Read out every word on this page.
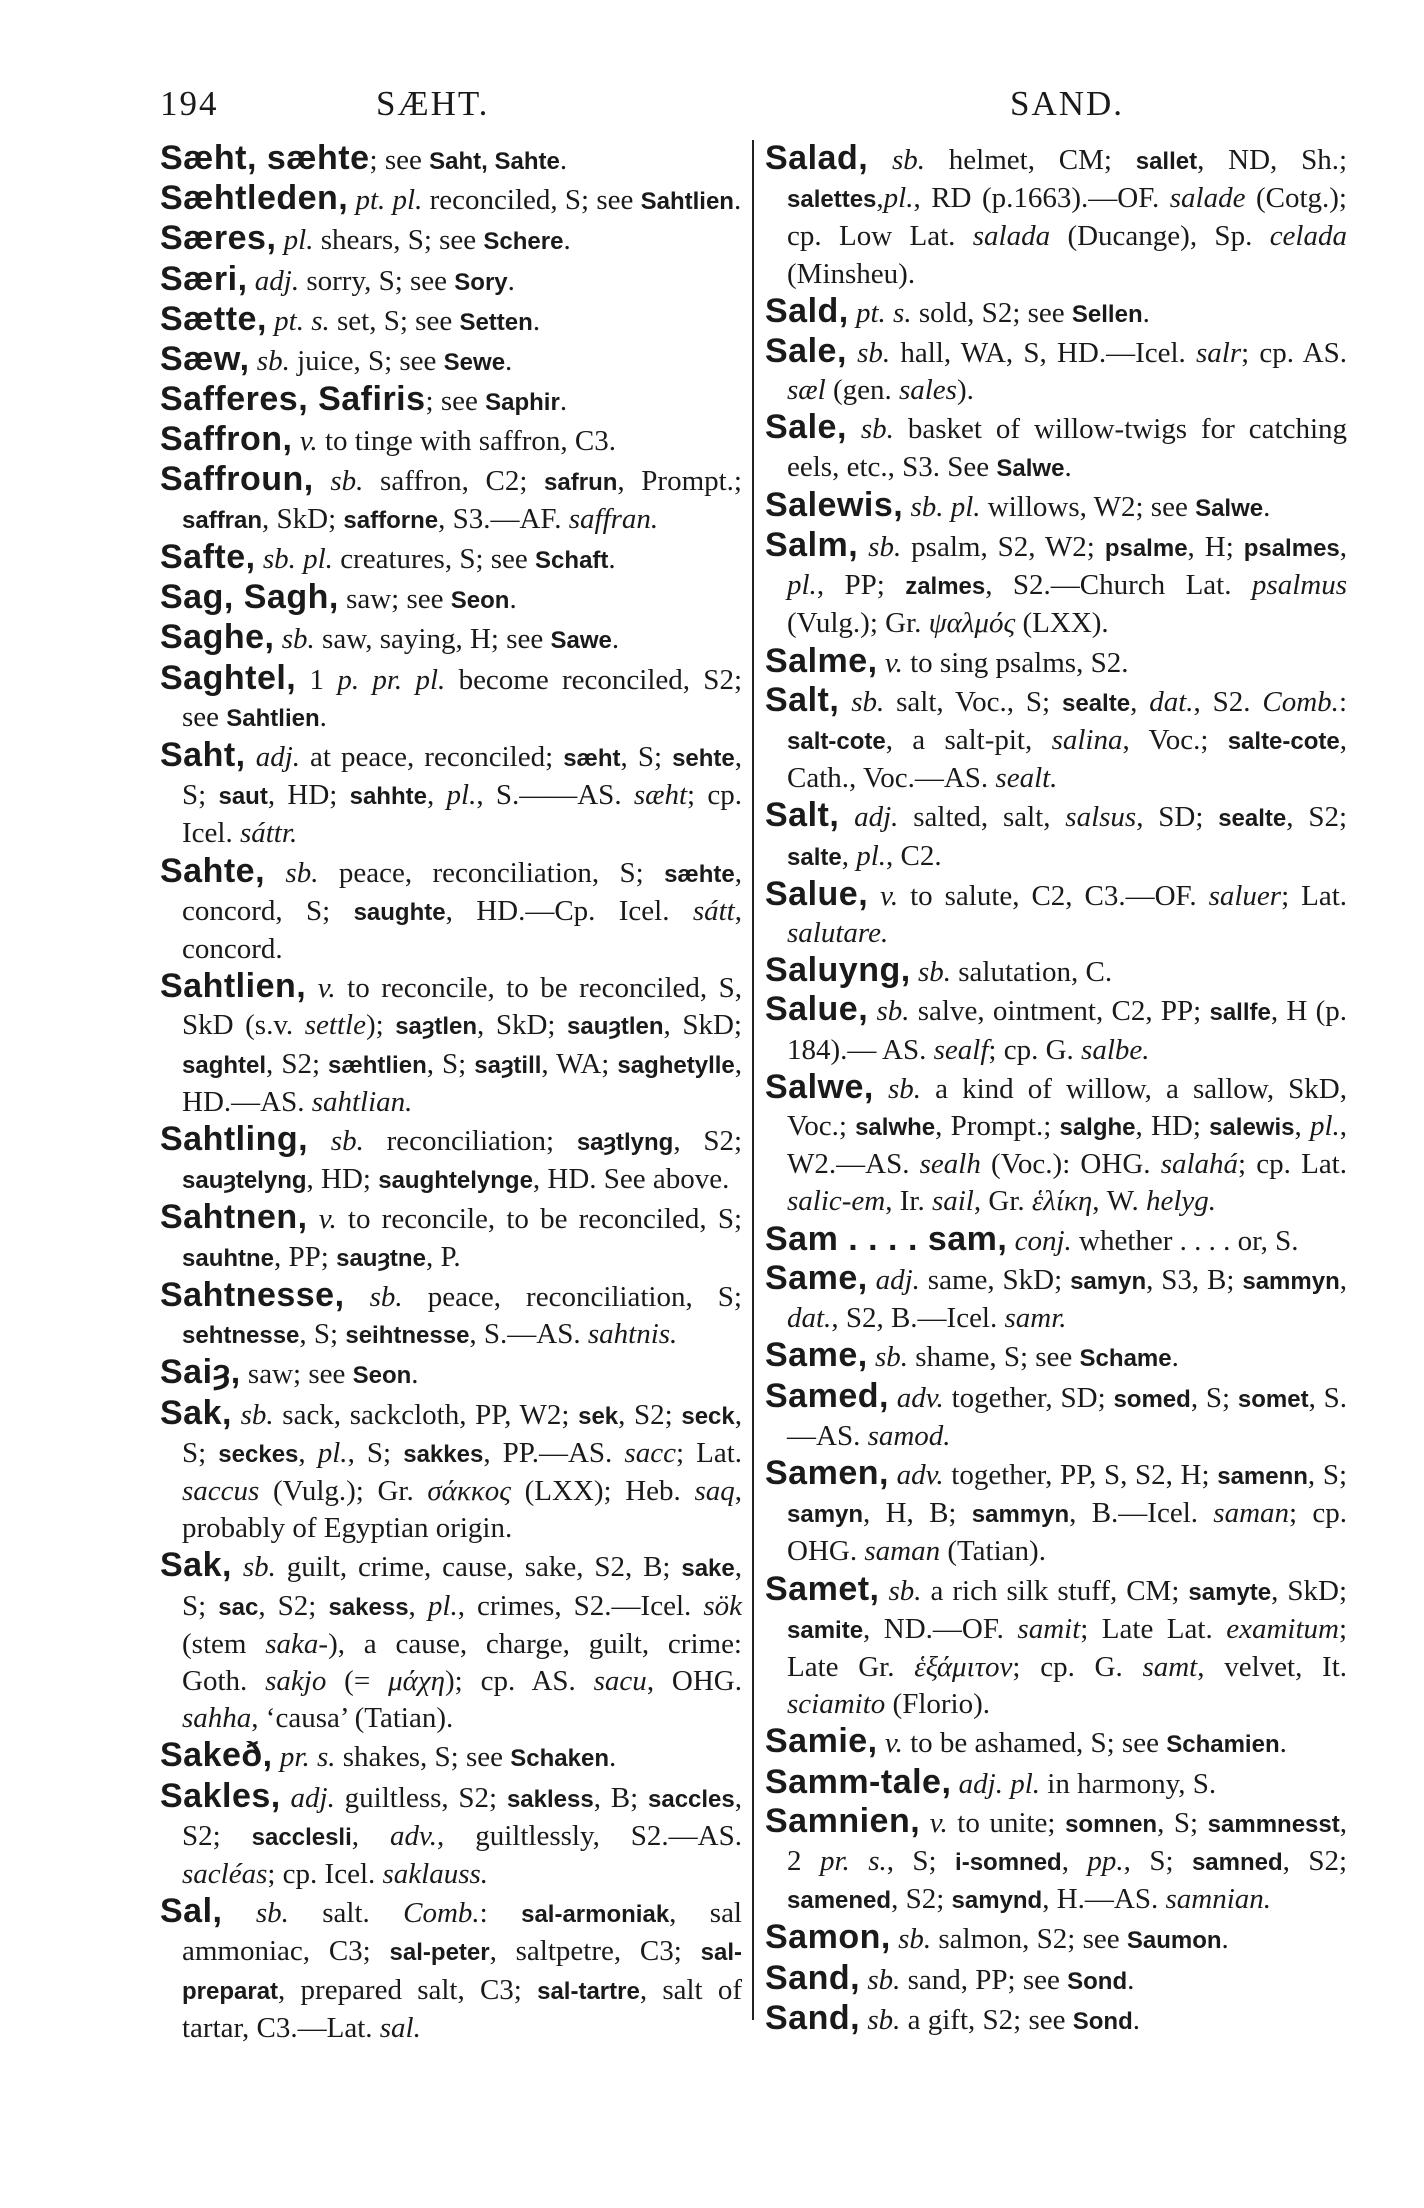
194	SÆHT.	SAND.

Sæht, sæhte; see Saht, Sahte.

Sæhtleden, pt. pl. reconciled, S; see Sahtlien.

Særes, pl. shears, S; see Schere.

Særi, adj. sorry, S; see Sory.

Sætte, pt. s. set, S; see Setten.

Sæw, sb. juice, S; see Sewe.

Safferes, Safiris; see Saphir.

Saffron, v. to tinge with saffron, C3.

Saffroun, sb. saffron, C2; safrun, Prompt.; saffran, SkD; safforne, S3.—AF. saffran.

Safte, sb. pl. creatures, S; see Schaft.

Sag, Sagh, saw; see Seon.

Saghe, sb. saw, saying, H; see Sawe.

Saghtel, 1 p. pr. pl. become reconciled, S2; see Sahtlien.

Saht, adj. at peace, reconciled; sæht, S; sehte, S; saut, HD; sahhte, pl., S.——AS. sæht; cp. Icel. sáttr.

Sahte, sb. peace, reconciliation, S; sæhte, concord, S; saughte, HD.—Cp. Icel. sátt, concord.

Sahtlien, v. to reconcile, to be reconciled, S, SkD (s.v. settle); saȝtlen, SkD; sauȝtlen, SkD; saghtel, S2; sæhtlien, S; saȝtill, WA; saghetylle, HD.—AS. sahtlian.

Sahtling, sb. reconciliation; saȝtlyng, S2; sauȝtelyng, HD; saughtelynge, HD. See above.

Sahtnen, v. to reconcile, to be reconciled, S; sauhtne, PP; sauȝtne, P.

Sahtnesse, sb. peace, reconciliation, S; sehtnesse, S; seihtnesse, S.—AS. sahtnis.

Saiȝ, saw; see Seon.

Sak, sb. sack, sackcloth, PP, W2; sek, S2; seck, S; seckes, pl., S; sakkes, PP.—AS. sacc; Lat. saccus (Vulg.); Gr. σάκκος (LXX); Heb. saq, probably of Egyptian origin.

Sak, sb. guilt, crime, cause, sake, S2, B; sake, S; sac, S2; sakess, pl., crimes, S2.—Icel. sök (stem saka-), a cause, charge, guilt, crime: Goth. sakjo (= μάχη); cp. AS. sacu, OHG. sahha, ‘causa’ (Tatian).

Sakeð, pr. s. shakes, S; see Schaken.

Sakles, adj. guiltless, S2; sakless, B; saccles, S2; sacclesli, adv., guiltlessly, S2.—AS. sacléas; cp. Icel. saklauss.

Sal, sb. salt. Comb.: sal-armoniak, sal ammoniac, C3; sal-peter, saltpetre, C3; sal-preparat, prepared salt, C3; sal-tartre, salt of tartar, C3.—Lat. sal.

Salad, sb. helmet, CM; sallet, ND, Sh.; salettes,pl., RD (p.1663).—OF. salade (Cotg.); cp. Low Lat. salada (Ducange), Sp. celada (Minsheu).

Sald, pt. s. sold, S2; see Sellen.

Sale, sb. hall, WA, S, HD.—Icel. salr; cp. AS. sæl (gen. sales).

Sale, sb. basket of willow-twigs for catching eels, etc., S3. See Salwe.

Salewis, sb. pl. willows, W2; see Salwe.

Salm, sb. psalm, S2, W2; psalme, H; psalmes, pl., PP; zalmes, S2.—Church Lat. psalmus (Vulg.); Gr. ψαλμός (LXX).

Salme, v. to sing psalms, S2.

Salt, sb. salt, Voc., S; sealte, dat., S2. Comb.: salt-cote, a salt-pit, salina, Voc.; salte-cote, Cath., Voc.—AS. sealt.

Salt, adj. salted, salt, salsus, SD; sealte, S2; salte, pl., C2.

Salue, v. to salute, C2, C3.—OF. saluer; Lat. salutare.

Saluyng, sb. salutation, C.

Salue, sb. salve, ointment, C2, PP; sallfe, H (p. 184).— AS. sealf; cp. G. salbe.

Salwe, sb. a kind of willow, a sallow, SkD, Voc.; salwhe, Prompt.; salghe, HD; salewis, pl., W2.—AS. sealh (Voc.): OHG. salahá; cp. Lat. salic-em, Ir. sail, Gr. ἑλίκη, W. helyg.

Sam . . . . sam, conj. whether . . . . or, S.

Same, adj. same, SkD; samyn, S3, B; sammyn, dat., S2, B.—Icel. samr.

Same, sb. shame, S; see Schame.

Samed, adv. together, SD; somed, S; somet, S.—AS. samod.

Samen, adv. together, PP, S, S2, H; samenn, S; samyn, H, B; sammyn, B.—Icel. saman; cp. OHG. saman (Tatian).

Samet, sb. a rich silk stuff, CM; samyte, SkD; samite, ND.—OF. samit; Late Lat. examitum; Late Gr. ἑξάμιτον; cp. G. samt, velvet, It. sciamito (Florio).

Samie, v. to be ashamed, S; see Schamien.

Samm-tale, adj. pl. in harmony, S.

Samnien, v. to unite; somnen, S; sammnesst, 2 pr. s., S; i-somned, pp., S; samned, S2; samened, S2; samynd, H.—AS. samnian.

Samon, sb. salmon, S2; see Saumon.

Sand, sb. sand, PP; see Sond.

Sand, sb. a gift, S2; see Sond.
